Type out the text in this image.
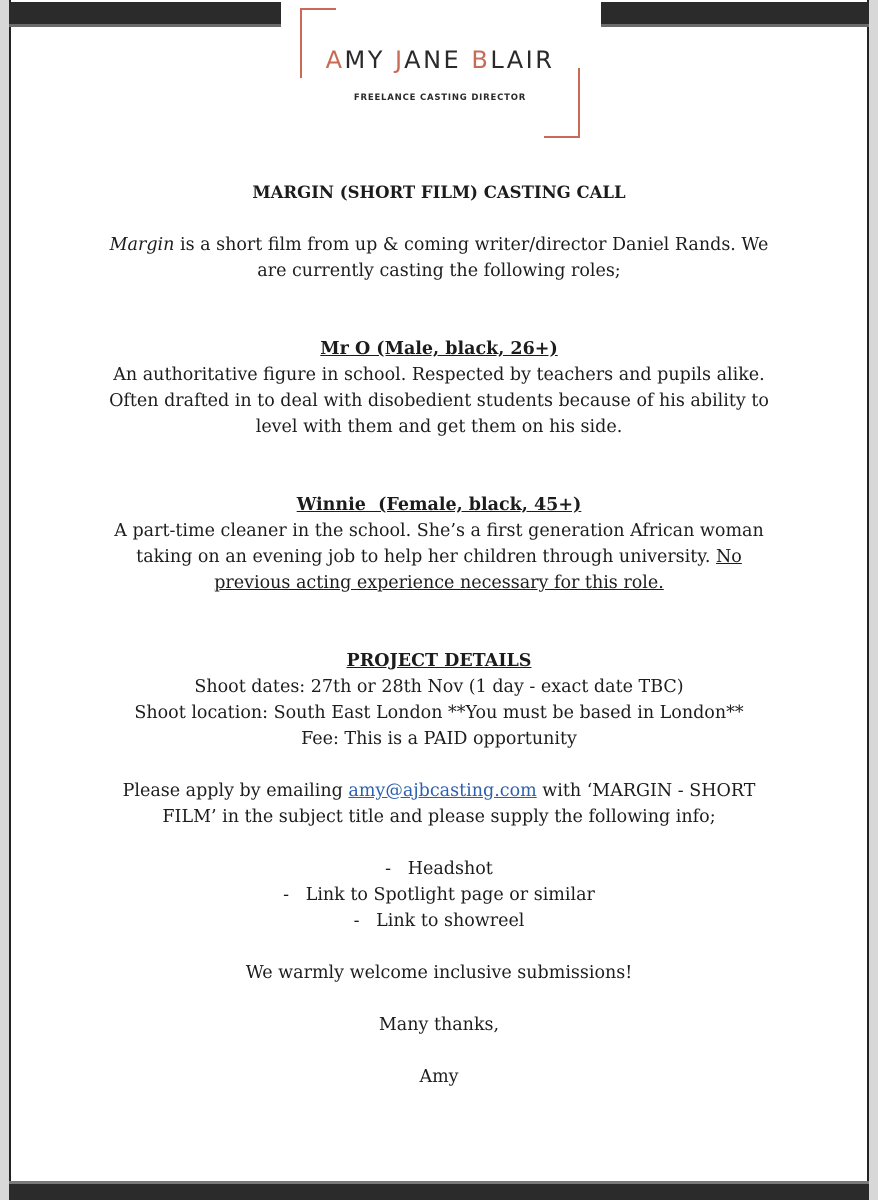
AMY JANE BLAIR
FREELANCE CASTING DIRECTOR

MARGIN (SHORT FILM) CASTING CALL

Margin is a short film from up & coming writer/director Daniel Rands. We

are currently casting the following roles;

Mr O (Male, black, 26+)

An authoritative figure in school. Respected by teachers and pupils alike.

Often drafted in to deal with disobedient students because of his ability to

level with them and get them on his side.

Winnie  (Female, black, 45+)

A part-time cleaner in the school. She’s a first generation African woman

taking on an evening job to help her children through university. No

previous acting experience necessary for this role.

PROJECT DETAILS

Shoot dates: 27th or 28th Nov (1 day - exact date TBC)

Shoot location: South East London **You must be based in London**

Fee: This is a PAID opportunity

Please apply by emailing amy@ajbcasting.com with ‘MARGIN - SHORT

FILM’ in the subject title and please supply the following info;

-   Headshot

-   Link to Spotlight page or similar

-   Link to showreel

We warmly welcome inclusive submissions!

Many thanks,

Amy
